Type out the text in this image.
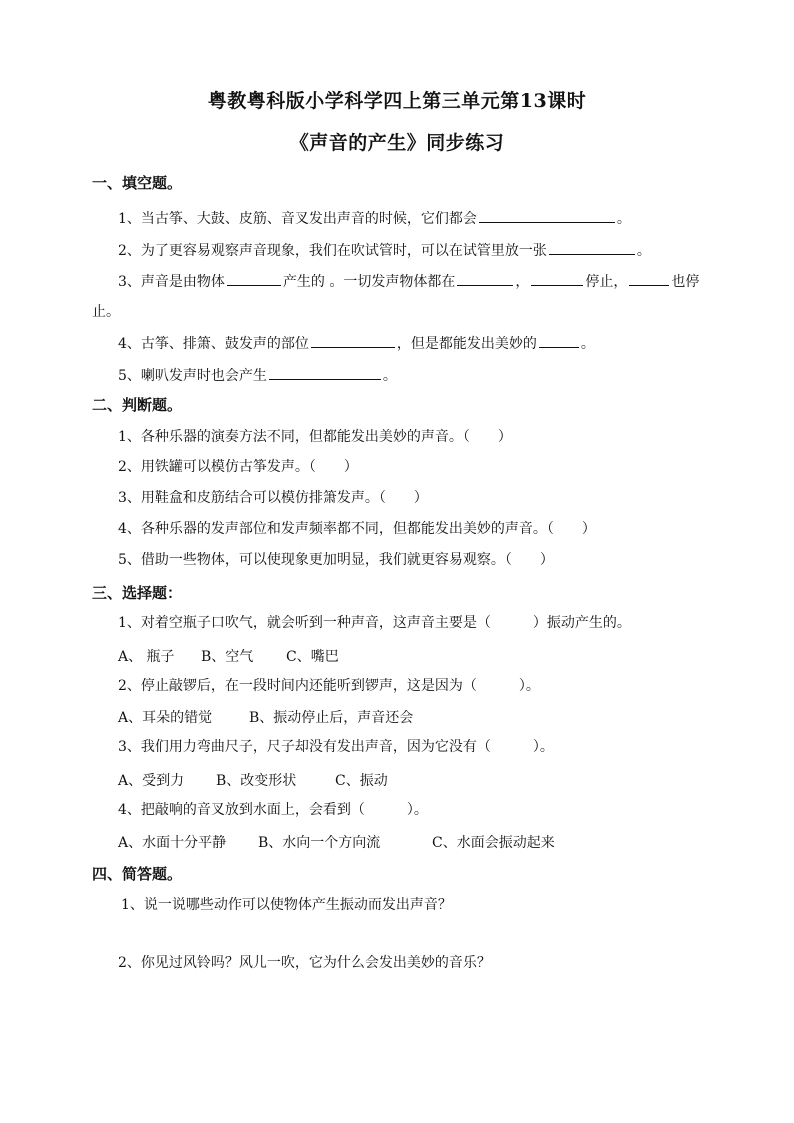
粤教粤科版小学科学四上第三单元第13课时
《声音的产生》同步练习
一、填空题。
1、当古筝、大鼓、皮筋、音叉发出声音的时候，它们都会	。
2、为了更容易观察声音现象，我们在吹试管时，可以在试管里放一张	。
3、声音是由物体	产生的 。一切发声物体都在	，	停止，	也停
止。
4、古筝、排箫、鼓发声的部位	，但是都能发出美妙的	。
5、喇叭发声时也会产生	。
二、判断题。
1、各种乐器的演奏方法不同，但都能发出美妙的声音。（　　）
2、用铁罐可以模仿古筝发声。（　　）
3、用鞋盒和皮筋结合可以模仿排箫发声。（　　）
4、各种乐器的发声部位和发声频率都不同，但都能发出美妙的声音。（　　）
5、借助一些物体，可以使现象更加明显，我们就更容易观察。（　　）
三、选择题：
1、对着空瓶子口吹气，就会听到一种声音，这声音主要是（　　　）振动产生的。
A、 瓶子 B、空气 C、嘴巴
2、停止敲锣后，在一段时间内还能听到锣声，这是因为（　　　）。
A、耳朵的错觉	B、振动停止后，声音还会
3、我们用力弯曲尺子，尺子却没有发出声音，因为它没有（　　　）。
A、受到力 B、改变形状	C、振动
4、把敲响的音叉放到水面上，会看到（　　　）。
A、水面十分平静 B、水向一个方向流	C、水面会振动起来
四、简答题。
1、说一说哪些动作可以使物体产生振动而发出声音？
2、你见过风铃吗？风儿一吹，它为什么会发出美妙的音乐？
